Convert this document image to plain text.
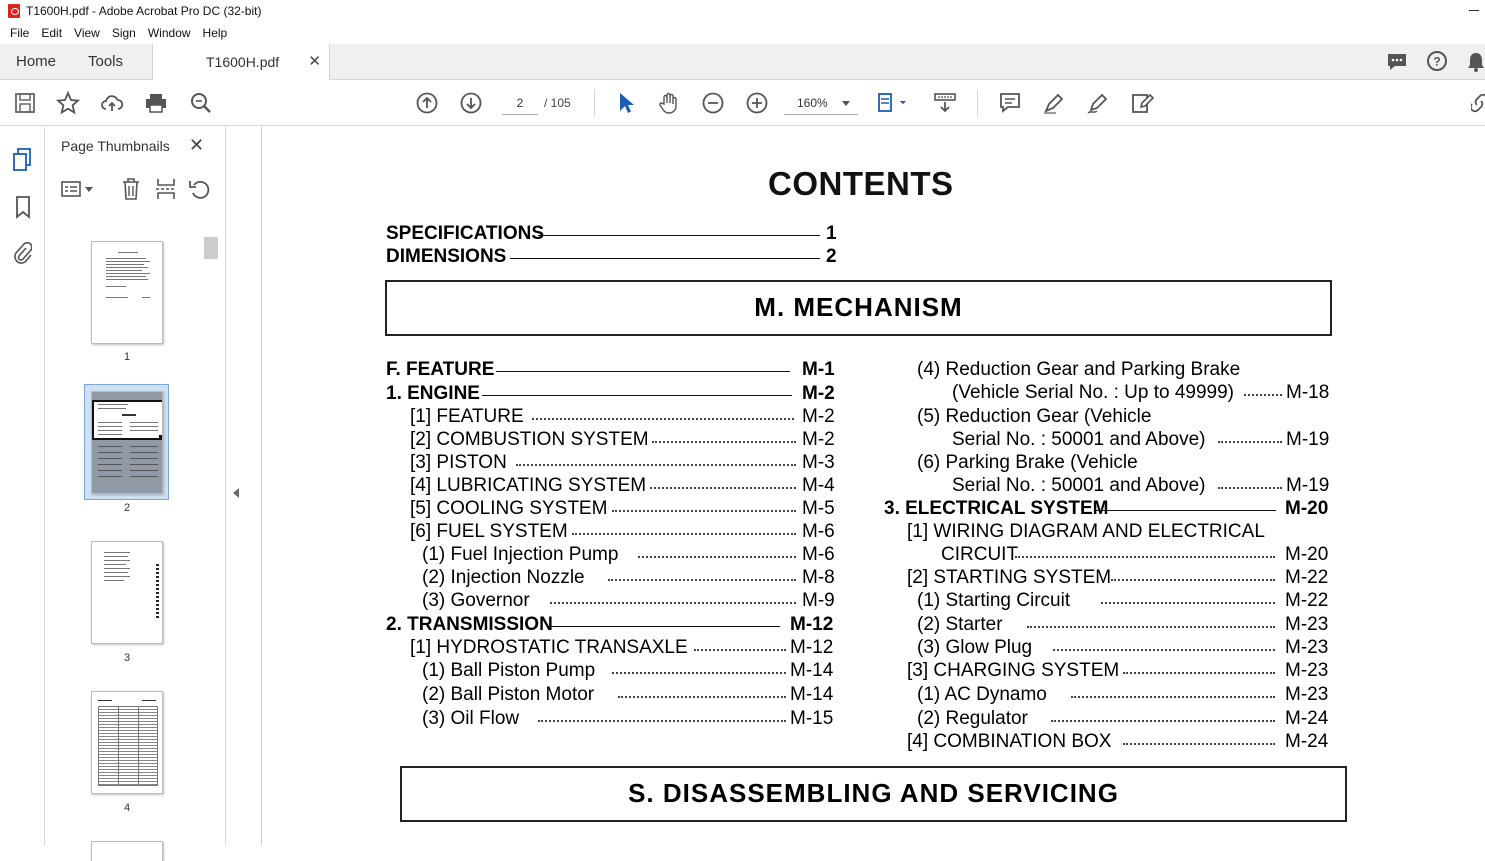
T1600H.pdf - Adobe Acrobat Pro DC (32-bit)
File	Edit	View	Sign	Window	Help
Home Tools	T1600H.pdf ✕	?
2
/ 105	160%
Page Thumbnails ✕
1
2
3
4
CONTENTS
SPECIFICATIONS	1
DIMENSIONS	2
M. MECHANISM
F. FEATURE	M-1
1. ENGINE	M-2
[1] FEATURE	M-2
[2] COMBUSTION SYSTEM	M-2
[3] PISTON	M-3
[4] LUBRICATING SYSTEM	M-4
[5] COOLING SYSTEM	M-5
[6] FUEL SYSTEM	M-6
(1) Fuel Injection Pump	M-6
(2) Injection Nozzle	M-8
(3) Governor	M-9
2. TRANSMISSION	M-12
[1] HYDROSTATIC TRANSAXLE	M-12
(1) Ball Piston Pump	M-14
(2) Ball Piston Motor	M-14
(3) Oil Flow	M-15
(4) Reduction Gear and Parking Brake
(Vehicle Serial No. : Up to 49999)	M-18
(5) Reduction Gear (Vehicle
Serial No. : 50001 and Above)	M-19
(6) Parking Brake (Vehicle
Serial No. : 50001 and Above)	M-19
3. ELECTRICAL SYSTEM	M-20
[1] WIRING DIAGRAM AND ELECTRICAL
CIRCUIT	M-20
[2] STARTING SYSTEM	M-22
(1) Starting Circuit	M-22
(2) Starter	M-23
(3) Glow Plug	M-23
[3] CHARGING SYSTEM	M-23
(1) AC Dynamo	M-23
(2) Regulator	M-24
[4] COMBINATION BOX	M-24
S. DISASSEMBLING AND SERVICING
